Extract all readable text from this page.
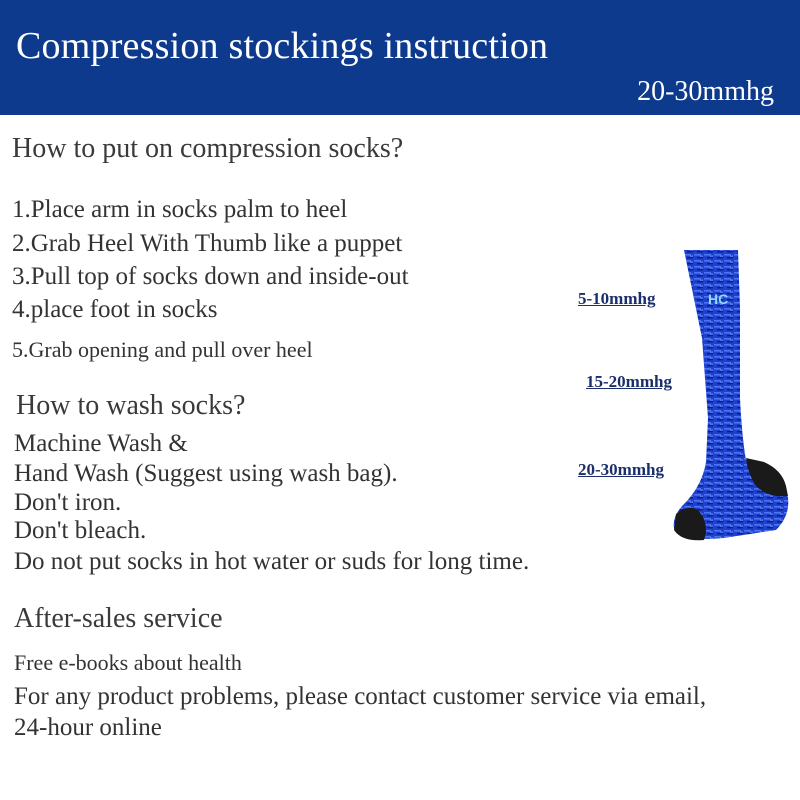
Compression stockings instruction
20-30mmhg
How to put on compression socks?
1.Place arm in socks palm to heel
2.Grab Heel With Thumb like a puppet
3.Pull top of socks down and inside-out
4.place foot in socks
5.Grab opening and pull over heel
How to wash socks?
Machine Wash &
Hand Wash (Suggest using wash bag).
Don't iron.
Don't bleach.
Do not put socks in hot water or suds for long time.
After-sales service
Free e-books about health
For any product problems, please contact customer service via email,
24-hour online
HC
5-10mmhg
15-20mmhg
20-30mmhg
